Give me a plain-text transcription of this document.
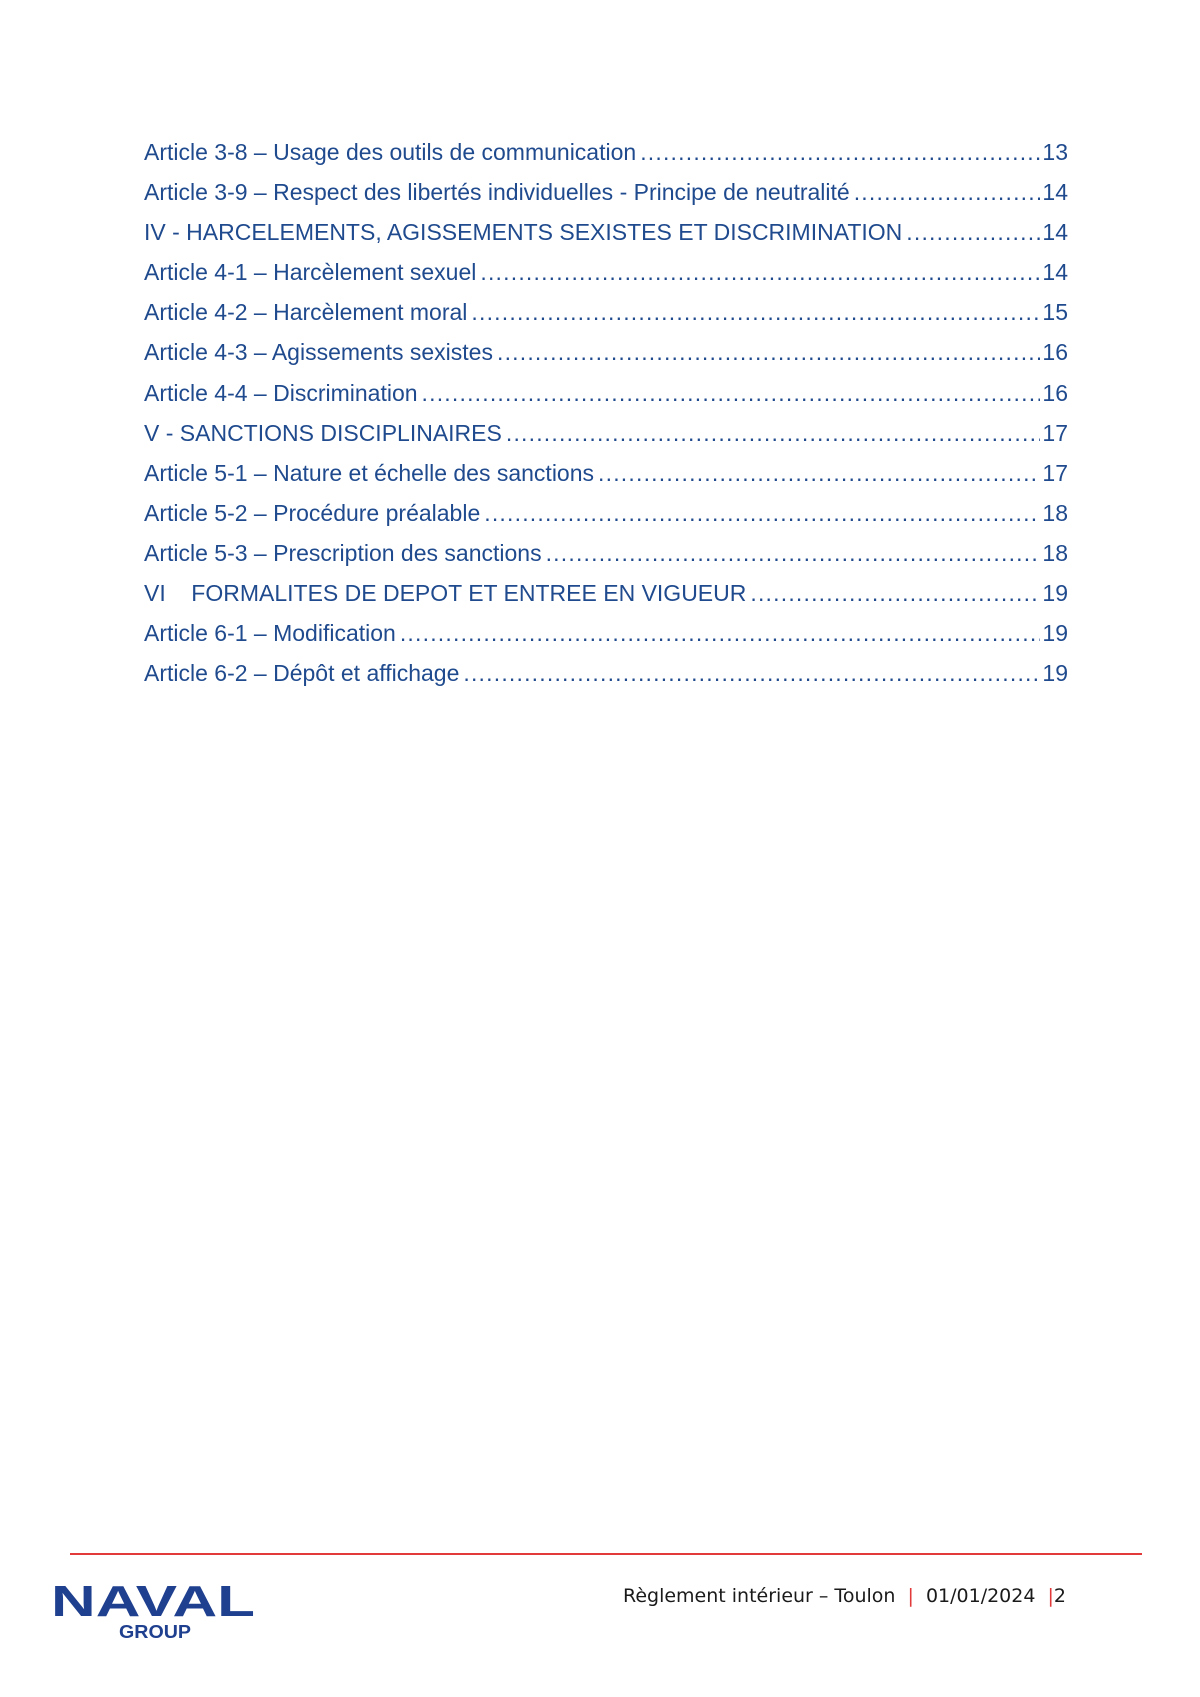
Article 3-8 – Usage des outils de communication .....	13
Article 3-9 – Respect des libertés individuelles - Principe de neutralité .....	14
IV - HARCELEMENTS, AGISSEMENTS SEXISTES ET DISCRIMINATION .....	14
Article 4-1 – Harcèlement sexuel .....	14
Article 4-2 – Harcèlement moral .....	15
Article 4-3 – Agissements sexistes .....	16
Article 4-4 – Discrimination .....	16
V - SANCTIONS DISCIPLINAIRES .....	17
Article 5-1 – Nature et échelle des sanctions .....	17
Article 5-2 – Procédure préalable .....	18
Article 5-3 – Prescription des sanctions .....	18
VI    FORMALITES DE DEPOT ET ENTREE EN VIGUEUR .....	19
Article 6-1 – Modification .....	19
Article 6-2 – Dépôt et affichage .....	19
NAVAL
GROUP
Règlement intérieur – Toulon | 01/01/2024 |2
